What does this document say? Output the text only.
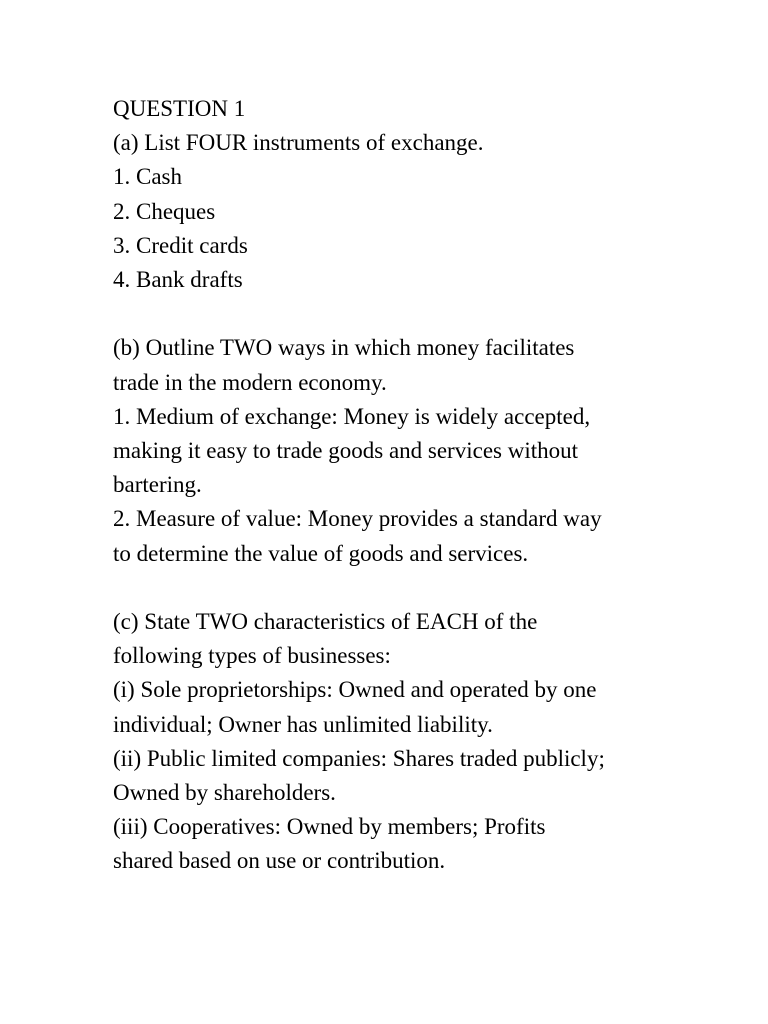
QUESTION 1
(a) List FOUR instruments of exchange.
1. Cash
2. Cheques
3. Credit cards
4. Bank drafts
(b) Outline TWO ways in which money facilitates
trade in the modern economy.
1. Medium of exchange: Money is widely accepted,
making it easy to trade goods and services without
bartering.
2. Measure of value: Money provides a standard way
to determine the value of goods and services.
(c) State TWO characteristics of EACH of the
following types of businesses:
(i) Sole proprietorships: Owned and operated by one
individual; Owner has unlimited liability.
(ii) Public limited companies: Shares traded publicly;
Owned by shareholders.
(iii) Cooperatives: Owned by members; Profits
shared based on use or contribution.
